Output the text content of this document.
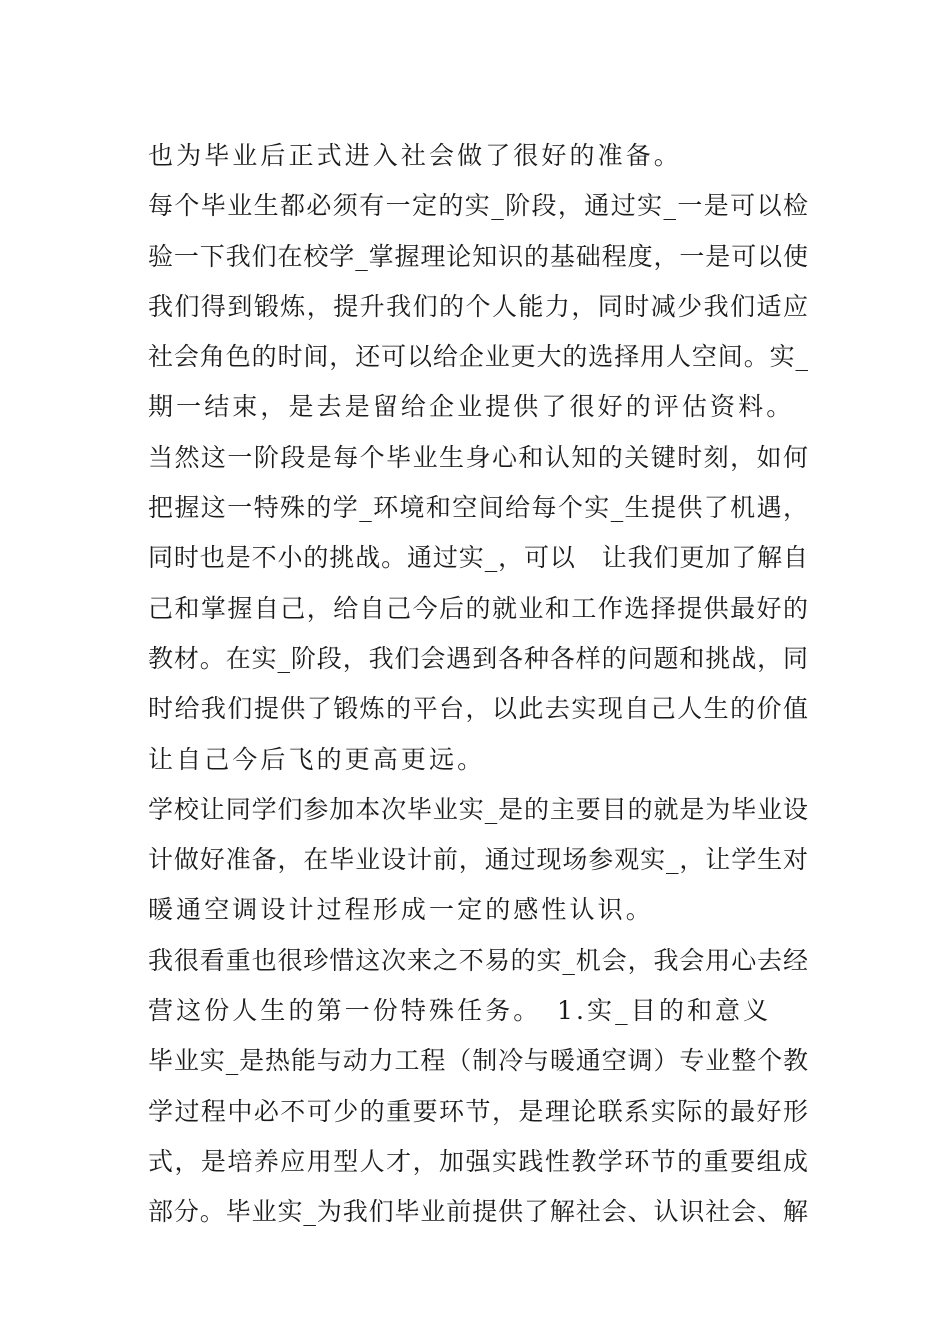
也为毕业后正式进入社会做了很好的准备。
每个毕业生都必须有一定的实_阶段，通过实_一是可以检
验一下我们在校学_掌握理论知识的基础程度，一是可以使
我们得到锻炼，提升我们的个人能力，同时减少我们适应
社会角色的时间，还可以给企业更大的选择用人空间。实_
期一结束，是去是留给企业提供了很好的评估资料。
当然这一阶段是每个毕业生身心和认知的关键时刻，如何
把握这一特殊的学_环境和空间给每个实_生提供了机遇，
同时也是不小的挑战。通过实_，可以　让我们更加了解自
己和掌握自己，给自己今后的就业和工作选择提供最好的
教材。在实_阶段，我们会遇到各种各样的问题和挑战，同
时给我们提供了锻炼的平台，以此去实现自己人生的价值
让自己今后飞的更高更远。
学校让同学们参加本次毕业实_是的主要目的就是为毕业设
计做好准备，在毕业设计前，通过现场参观实_，让学生对
暖通空调设计过程形成一定的感性认识。
我很看重也很珍惜这次来之不易的实_机会，我会用心去经
营这份人生的第一份特殊任务。　1.实_目的和意义
毕业实_是热能与动力工程（制冷与暖通空调）专业整个教
学过程中必不可少的重要环节，是理论联系实际的最好形
式，是培养应用型人才，加强实践性教学环节的重要组成
部分。毕业实_为我们毕业前提供了解社会、认识社会、解
